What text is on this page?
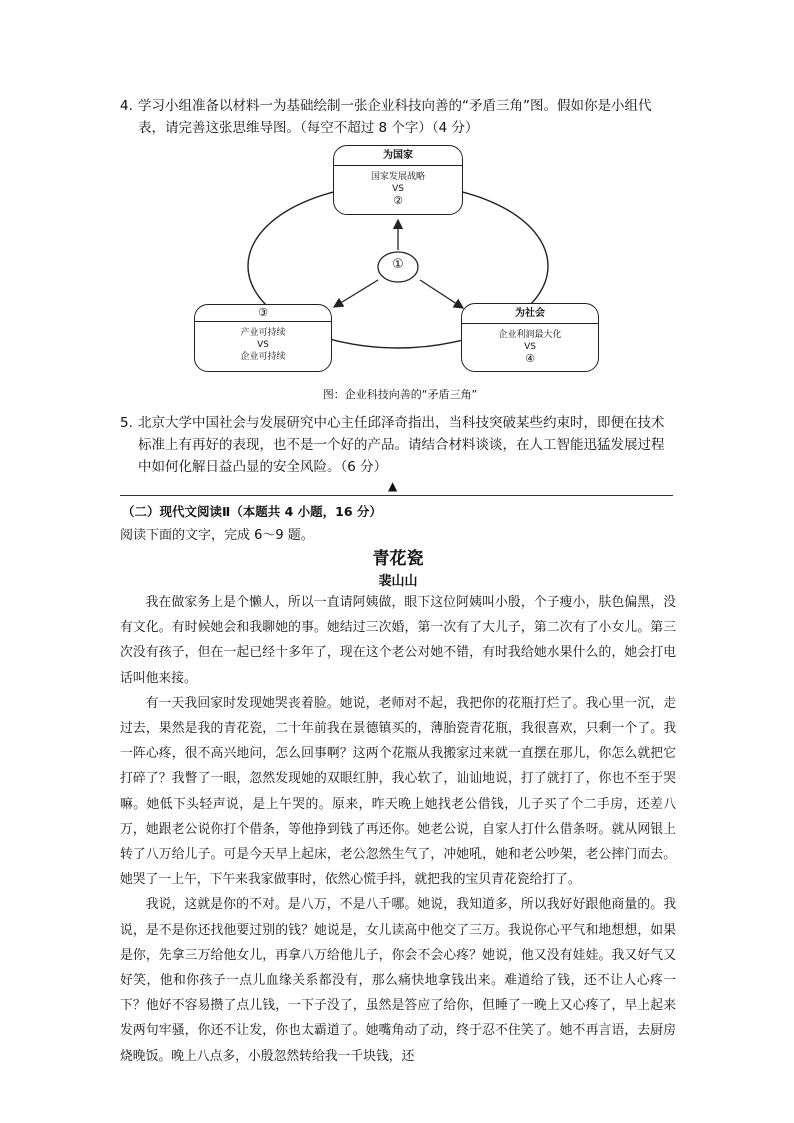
4. 学习小组准备以材料一为基础绘制一张企业科技向善的“矛盾三角”图。假如你是小组代表，请完善这张思维导图。（每空不超过 8 个字）（4 分）
①
为国家
国家发展战略
VS
②
③
产业可持续
VS
企业可持续
为社会
企业利润最大化
VS
④
图：企业科技向善的“矛盾三角”
5. 北京大学中国社会与发展研究中心主任邱泽奇指出，当科技突破某些约束时，即便在技术标准上有再好的表现，也不是一个好的产品。请结合材料谈谈，在人工智能迅猛发展过程中如何化解日益凸显的安全风险。（6 分）
▲
（二）现代文阅读Ⅱ（本题共 4 小题，16 分）
阅读下面的文字，完成 6～9 题。
青花瓷
裴山山

我在做家务上是个懒人，所以一直请阿姨做，眼下这位阿姨叫小殷，个子瘦小，肤色偏黑，没有文化。有时候她会和我聊她的事。她结过三次婚，第一次有了大儿子，第二次有了小女儿。第三次没有孩子，但在一起已经十多年了，现在这个老公对她不错，有时我给她水果什么的，她会打电话叫他来接。

有一天我回家时发现她哭丧着脸。她说，老师对不起，我把你的花瓶打烂了。我心里一沉，走过去，果然是我的青花瓷，二十年前我在景德镇买的，薄胎瓷青花瓶，我很喜欢，只剩一个了。我一阵心疼，很不高兴地问，怎么回事啊？这两个花瓶从我搬家过来就一直摆在那儿，你怎么就把它打碎了？我瞥了一眼，忽然发现她的双眼红肿，我心软了，讪讪地说，打了就打了，你也不至于哭嘛。她低下头轻声说，是上午哭的。原来，昨天晚上她找老公借钱，儿子买了个二手房，还差八万，她跟老公说你打个借条，等他挣到钱了再还你。她老公说，自家人打什么借条呀。就从网银上转了八万给儿子。可是今天早上起床，老公忽然生气了，冲她吼，她和老公吵架，老公摔门而去。她哭了一上午，下午来我家做事时，依然心慌手抖，就把我的宝贝青花瓷给打了。

我说，这就是你的不对。是八万，不是八千哪。她说，我知道多，所以我好好跟他商量的。我说，是不是你还找他要过别的钱？她说是，女儿读高中他交了三万。我说你心平气和地想想，如果是你，先拿三万给他女儿，再拿八万给他儿子，你会不会心疼？她说，他又没有娃娃。我又好气又好笑，他和你孩子一点儿血缘关系都没有，那么痛快地拿钱出来。难道给了钱，还不让人心疼一下？他好不容易攒了点儿钱，一下子没了，虽然是答应了给你，但睡了一晚上又心疼了，早上起来发两句牢骚，你还不让发，你也太霸道了。她嘴角动了动，终于忍不住笑了。她不再言语，去厨房烧晚饭。晚上八点多，小殷忽然转给我一千块钱，还
